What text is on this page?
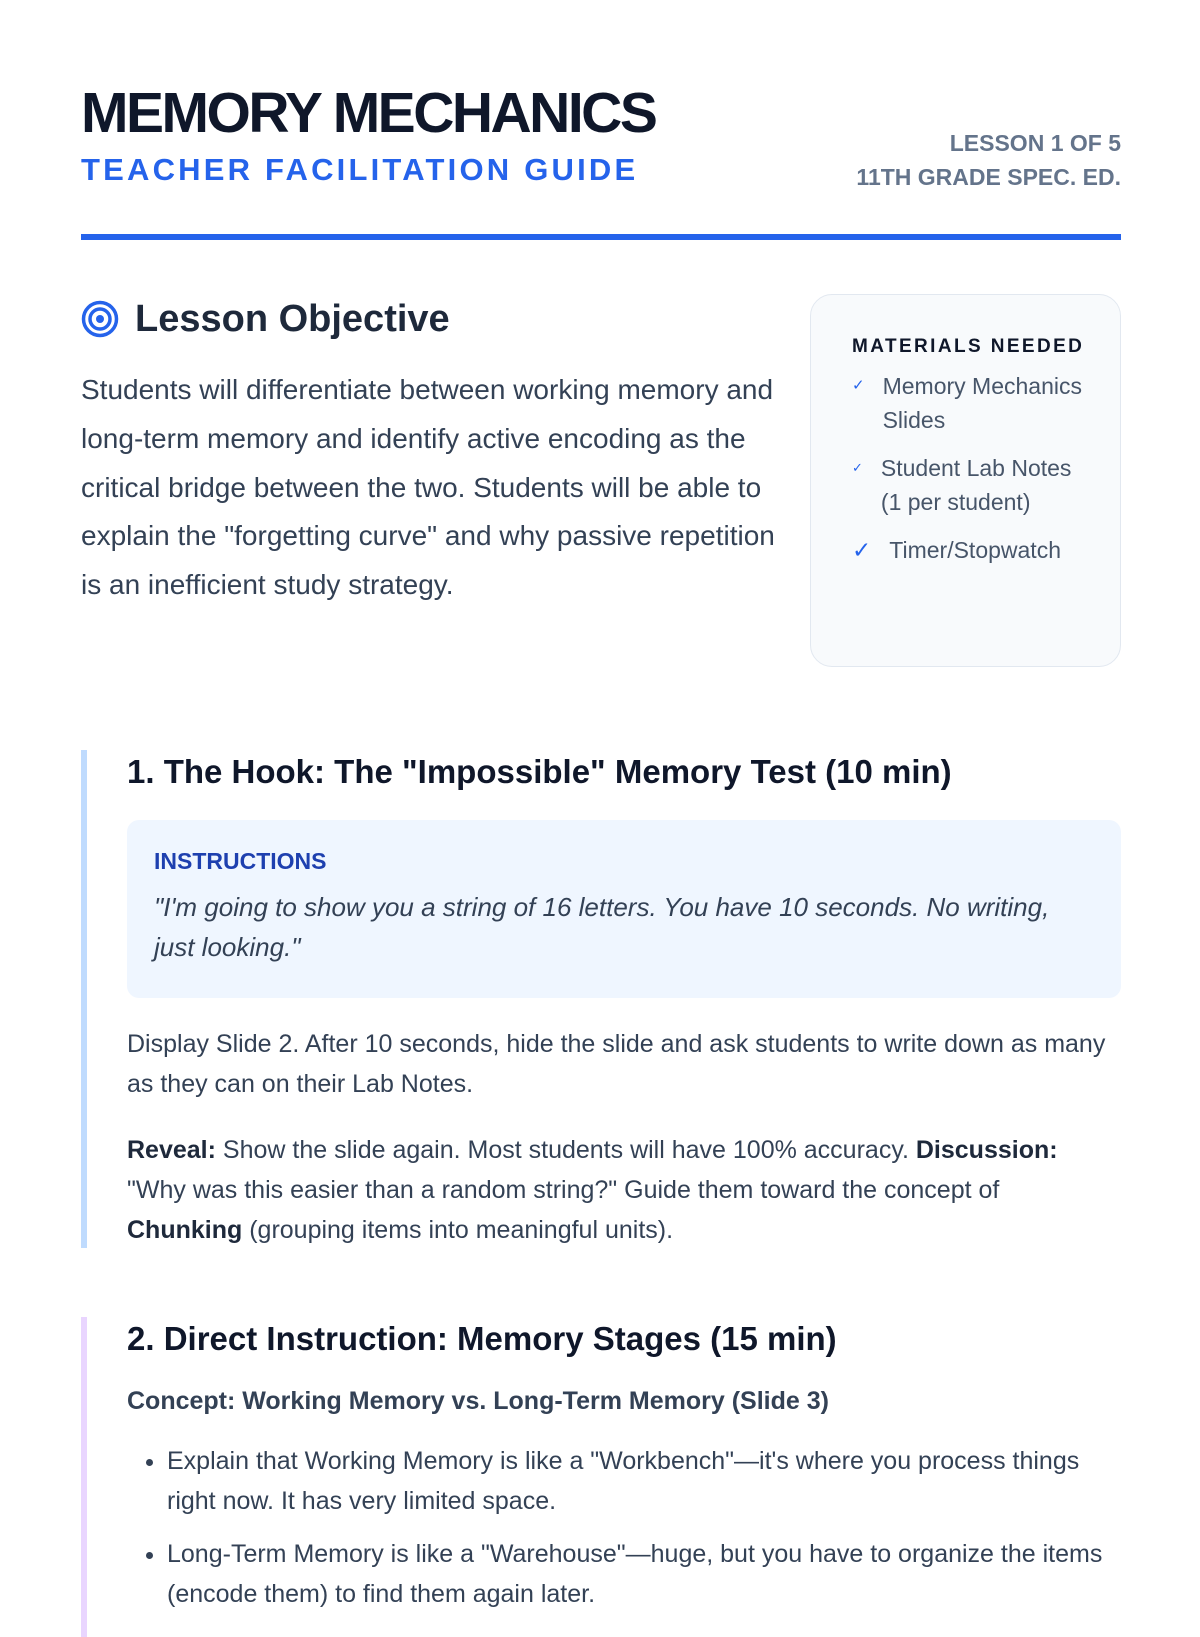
MEMORY MECHANICS
TEACHER FACILITATION GUIDE
LESSON 1 OF 5
11TH GRADE SPEC. ED.
Lesson Objective
Students will differentiate between working memory and long-term memory and identify active encoding as the critical bridge between the two. Students will be able to explain the "forgetting curve" and why passive repetition is an inefficient study strategy.
MATERIALS NEEDED
✓ Memory Mechanics Slides
✓ Student Lab Notes (1 per student)
✓ Timer/Stopwatch
1. The Hook: The "Impossible" Memory Test (10 min)
INSTRUCTIONS
"I'm going to show you a string of 16 letters. You have 10 seconds. No writing, just looking."
Display Slide 2. After 10 seconds, hide the slide and ask students to write down as many as they can on their Lab Notes.
Reveal: Show the slide again. Most students will have 100% accuracy. Discussion: "Why was this easier than a random string?" Guide them toward the concept of Chunking (grouping items into meaningful units).
2. Direct Instruction: Memory Stages (15 min)
Concept: Working Memory vs. Long-Term Memory (Slide 3)
• Explain that Working Memory is like a "Workbench"—it's where you process things right now. It has very limited space.
• Long-Term Memory is like a "Warehouse"—huge, but you have to organize the items (encode them) to find them again later.
